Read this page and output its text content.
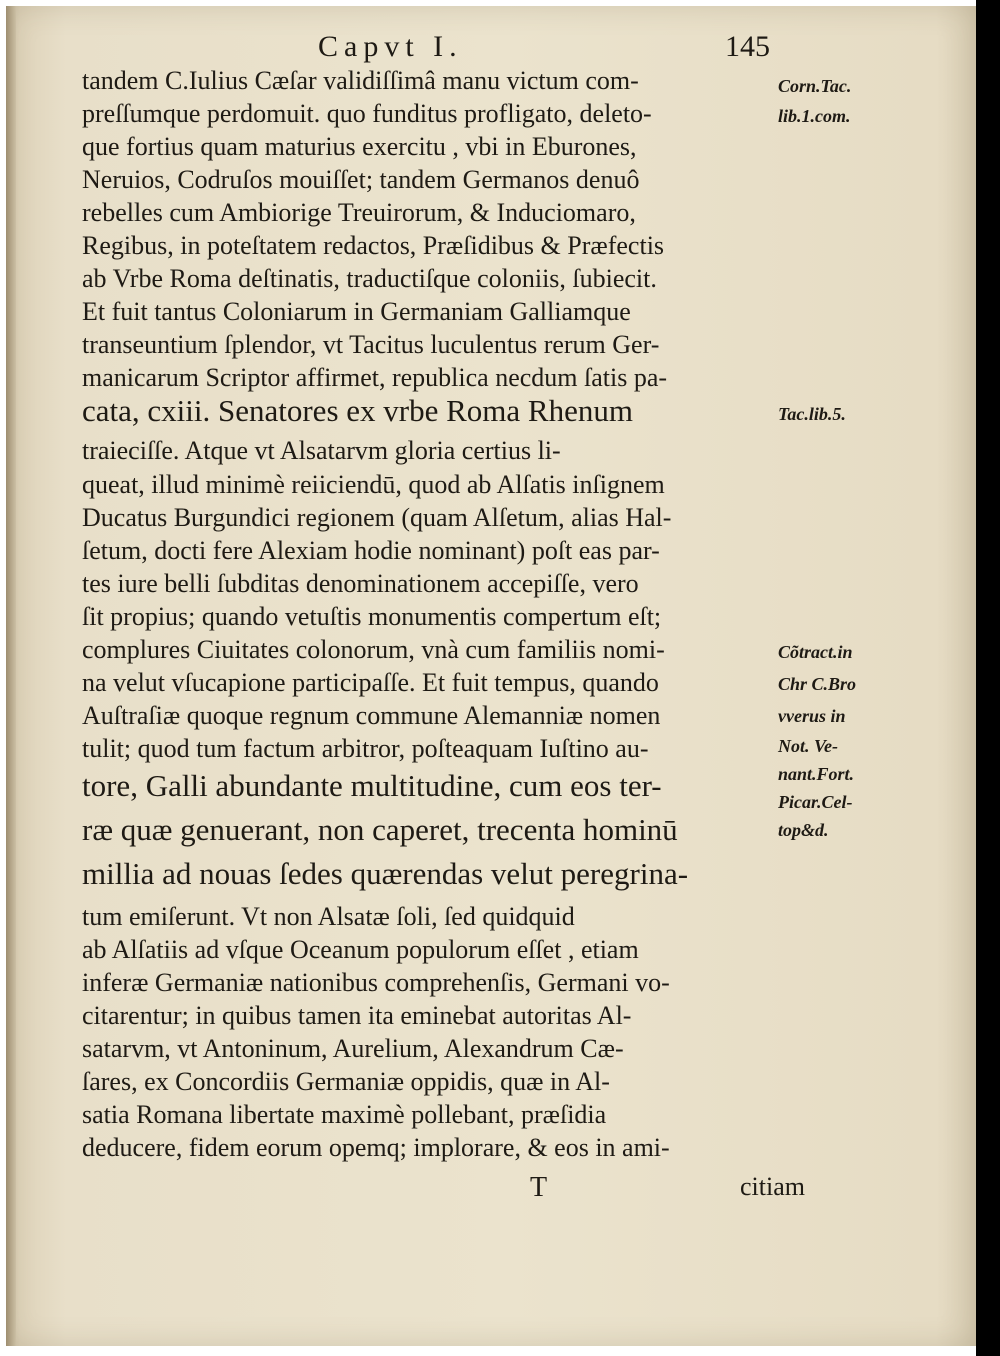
Capvt I.	145
tandem C.Iulius Cæſar validiſſimâ manu victum com-
preſſumque perdomuit. quo funditus profligato, deleto-
que fortius quam maturius exercitu , vbi in Eburones,
Neruios, Codruſos mouiſſet; tandem Germanos denuô
rebelles cum Ambiorige Treuirorum, & Induciomaro,
Regibus, in poteſtatem redactos, Præſidibus & Præfectis
ab Vrbe Roma deſtinatis, traductiſque coloniis, ſubiecit.
Et fuit tantus Coloniarum in Germaniam Galliamque
transeuntium ſplendor, vt Tacitus luculentus rerum Ger-
manicarum Scriptor affirmet, republica necdum ſatis pa-
cata, cxiii. Senatores ex vrbe Roma Rhenum
traieciſſe. Atque vt Alsatarvm gloria certius li-
queat, illud minimè reiiciendū, quod ab Alſatis inſignem
Ducatus Burgundici regionem (quam Alſetum, alias Hal-
ſetum, docti fere Alexiam hodie nominant) poſt eas par-
tes iure belli ſubditas denominationem accepiſſe, vero
ſit propius; quando vetuſtis monumentis compertum eſt;
complures Ciuitates colonorum, vnà cum familiis nomi-
na velut vſucapione participaſſe. Et fuit tempus, quando
Auſtraſiæ quoque regnum commune Alemanniæ nomen
tulit; quod tum factum arbitror, poſteaquam Iuſtino au-
tore, Galli abundante multitudine, cum eos ter-
ræ quæ genuerant, non caperet, trecenta hominū
millia ad nouas ſedes quærendas velut peregrina-
tum emiſerunt. Vt non Alsatæ ſoli, ſed quidquid
ab Alſatiis ad vſque Oceanum populorum eſſet , etiam
inferæ Germaniæ nationibus comprehenſis, Germani vo-
citarentur; in quibus tamen ita eminebat autoritas Al-
satarvm, vt Antoninum, Aurelium, Alexandrum Cæ-
ſares, ex Concordiis Germaniæ oppidis, quæ in Al-
satia Romana libertate maximè pollebant, præſidia
deducere, fidem eorum opemq; implorare, & eos in ami-
Corn.Tac.
lib.1.com.
Tac.lib.5.
Cõtract.in
Chr C.Bro
vverus in
Not. Ve-
nant.Fort.
Picar.Cel-
top&d.
T	citiam
